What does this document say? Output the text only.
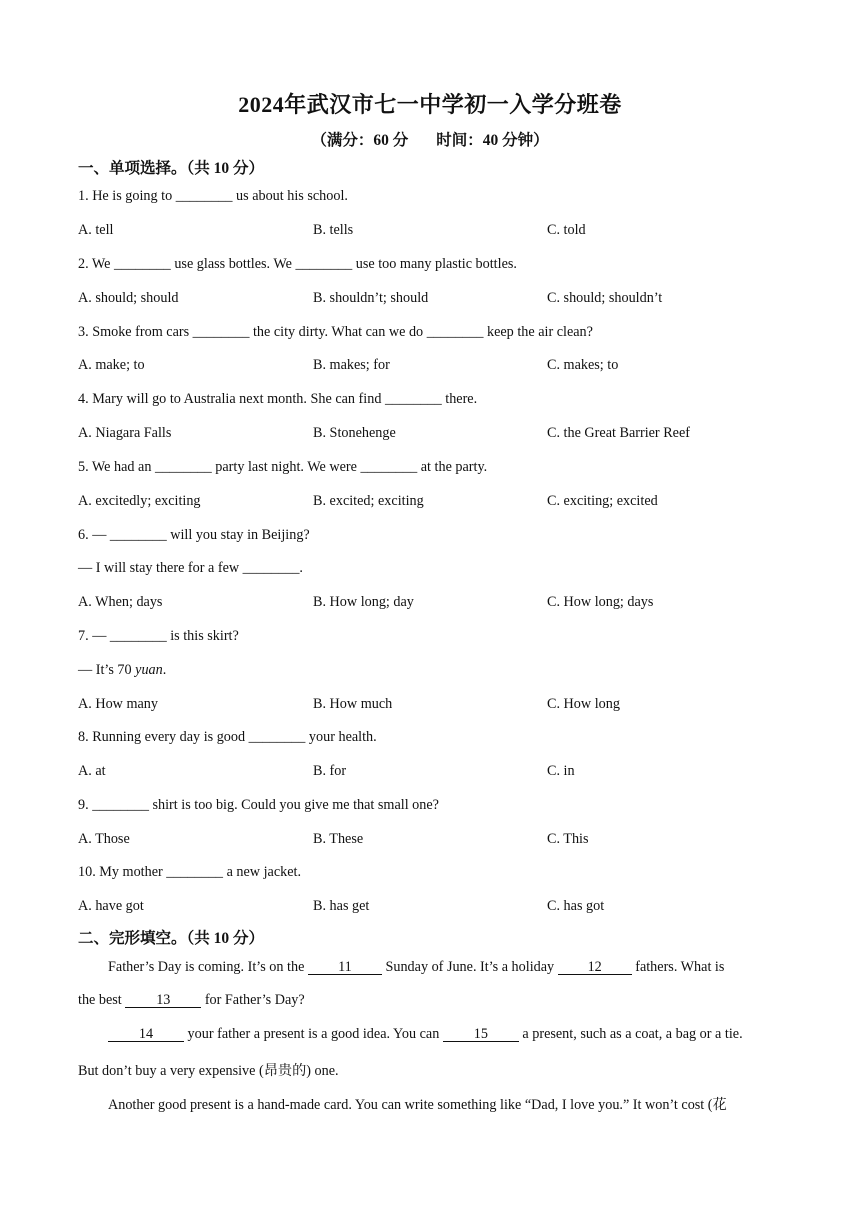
2024年武汉市七一中学初一入学分班卷
（满分：60 分 时间：40 分钟）
一、单项选择。（共 10 分）
1. He is going to ________ us about his school.
A. tell	B. tells	C. told
2. We ________ use glass bottles. We ________ use too many plastic bottles.
A. should; should	B. shouldn’t; should	C. should; shouldn’t
3. Smoke from cars ________ the city dirty. What can we do ________ keep the air clean?
A. make; to	B. makes; for	C. makes; to
4. Mary will go to Australia next month. She can find ________ there.
A. Niagara Falls	B. Stonehenge	C. the Great Barrier Reef
5. We had an ________ party last night. We were ________ at the party.
A. excitedly; exciting	B. excited; exciting	C. exciting; excited
6. — ________ will you stay in Beijing?
— I will stay there for a few ________.
A. When; days	B. How long; day	C. How long; days
7. — ________ is this skirt?
— It’s 70 yuan.
A. How many	B. How much	C. How long
8. Running every day is good ________ your health.
A. at	B. for	C. in
9. ________ shirt is too big. Could you give me that small one?
A. Those	B. These	C. This
10. My mother ________ a new jacket.
A. have got	B. has get	C. has got
二、完形填空。（共 10 分）
Father’s Day is coming. It’s on the 11 Sunday of June. It’s a holiday 12 fathers. What is
the best 13 for Father’s Day?
14 your father a present is a good idea. You can 15 a present, such as a coat, a bag or a tie.
But don’t buy a very expensive (昂贵的) one.
Another good present is a hand-made card. You can write something like “Dad, I love you.” It won’t cost (花
